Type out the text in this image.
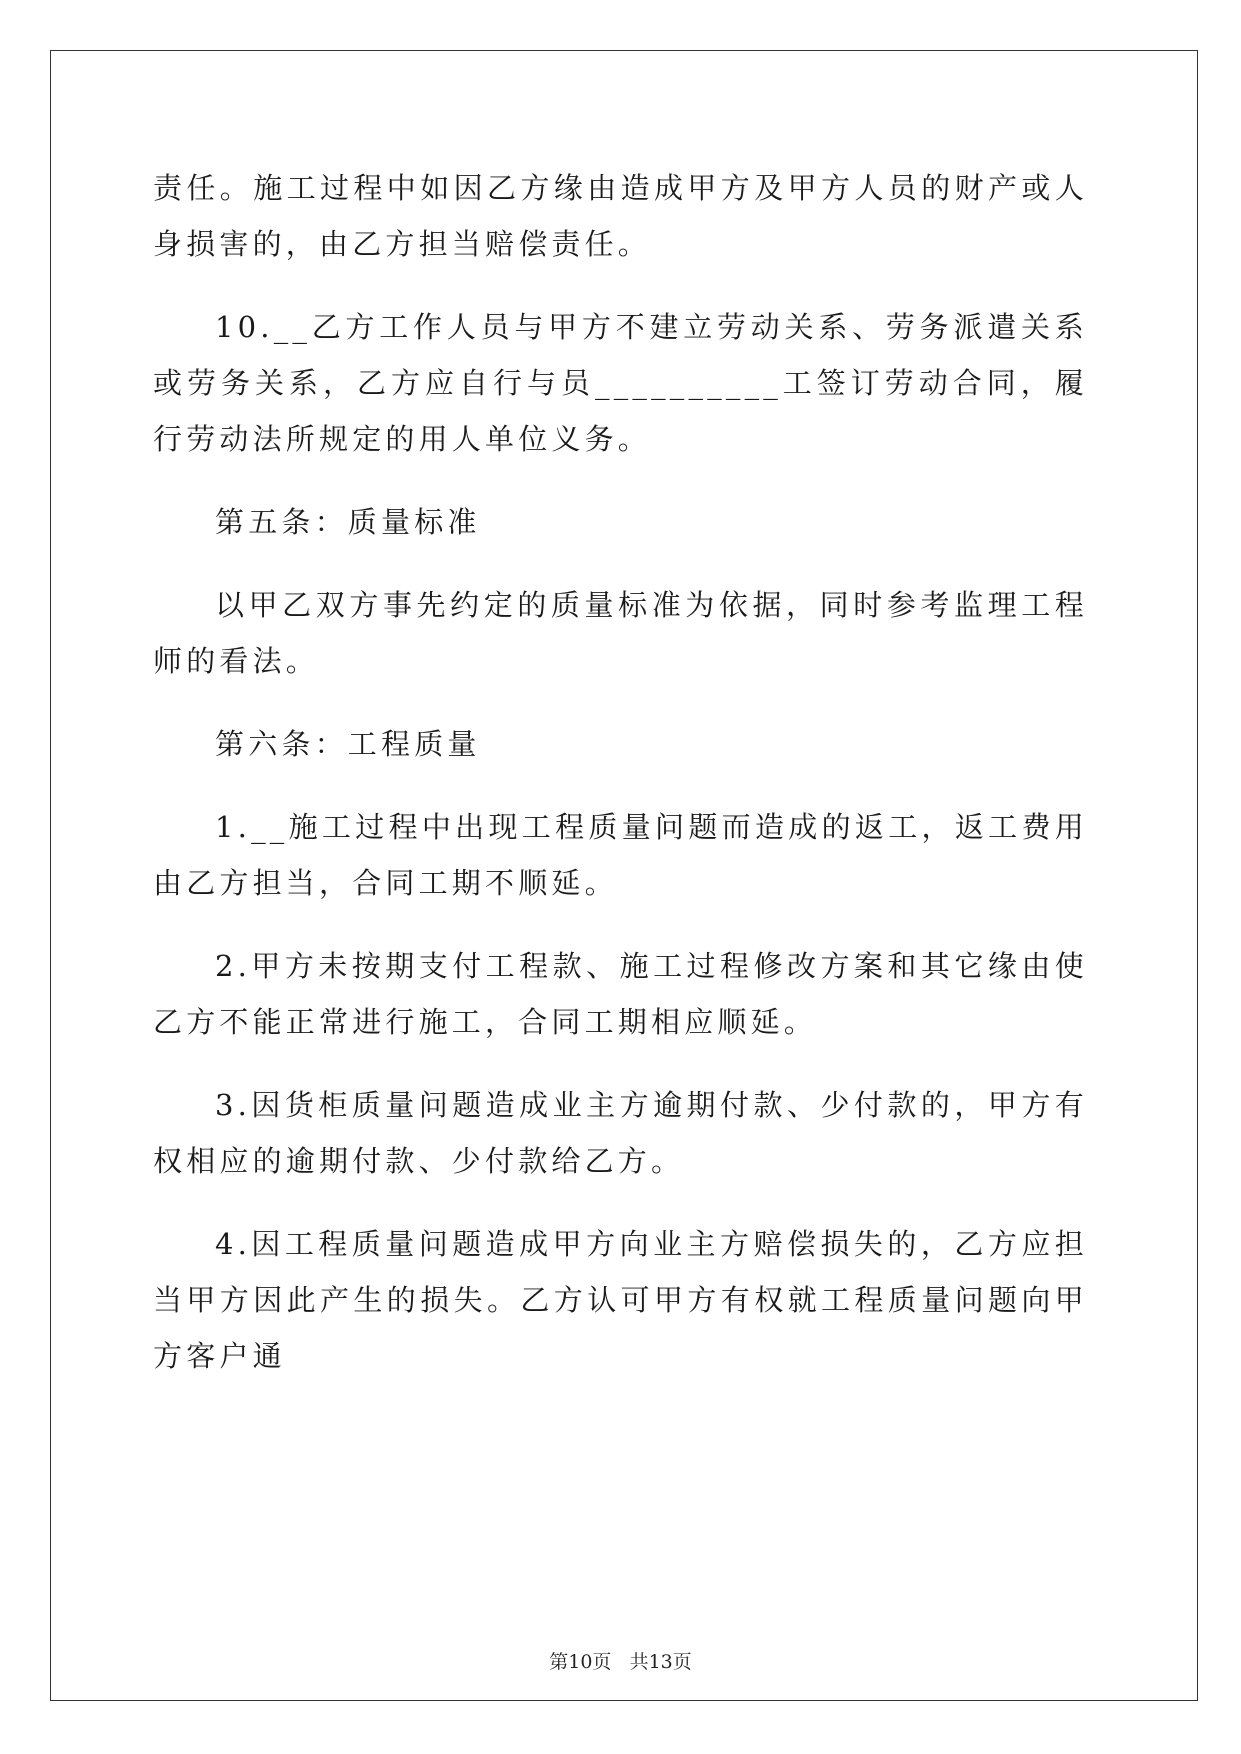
责任。施工过程中如因乙方缘由造成甲方及甲方人员的财产或人身损害的，由乙方担当赔偿责任。

10.__乙方工作人员与甲方不建立劳动关系、劳务派遣关系或劳务关系，乙方应自行与员__________工签订劳动合同，履行劳动法所规定的用人单位义务。

第五条：质量标准

以甲乙双方事先约定的质量标准为依据，同时参考监理工程师的看法。

第六条：工程质量

1.__施工过程中出现工程质量问题而造成的返工，返工费用由乙方担当，合同工期不顺延。

2.甲方未按期支付工程款、施工过程修改方案和其它缘由使乙方不能正常进行施工，合同工期相应顺延。

3.因货柜质量问题造成业主方逾期付款、少付款的，甲方有权相应的逾期付款、少付款给乙方。

4.因工程质量问题造成甲方向业主方赔偿损失的，乙方应担当甲方因此产生的损失。乙方认可甲方有权就工程质量问题向甲方客户通

第10页 共13页
